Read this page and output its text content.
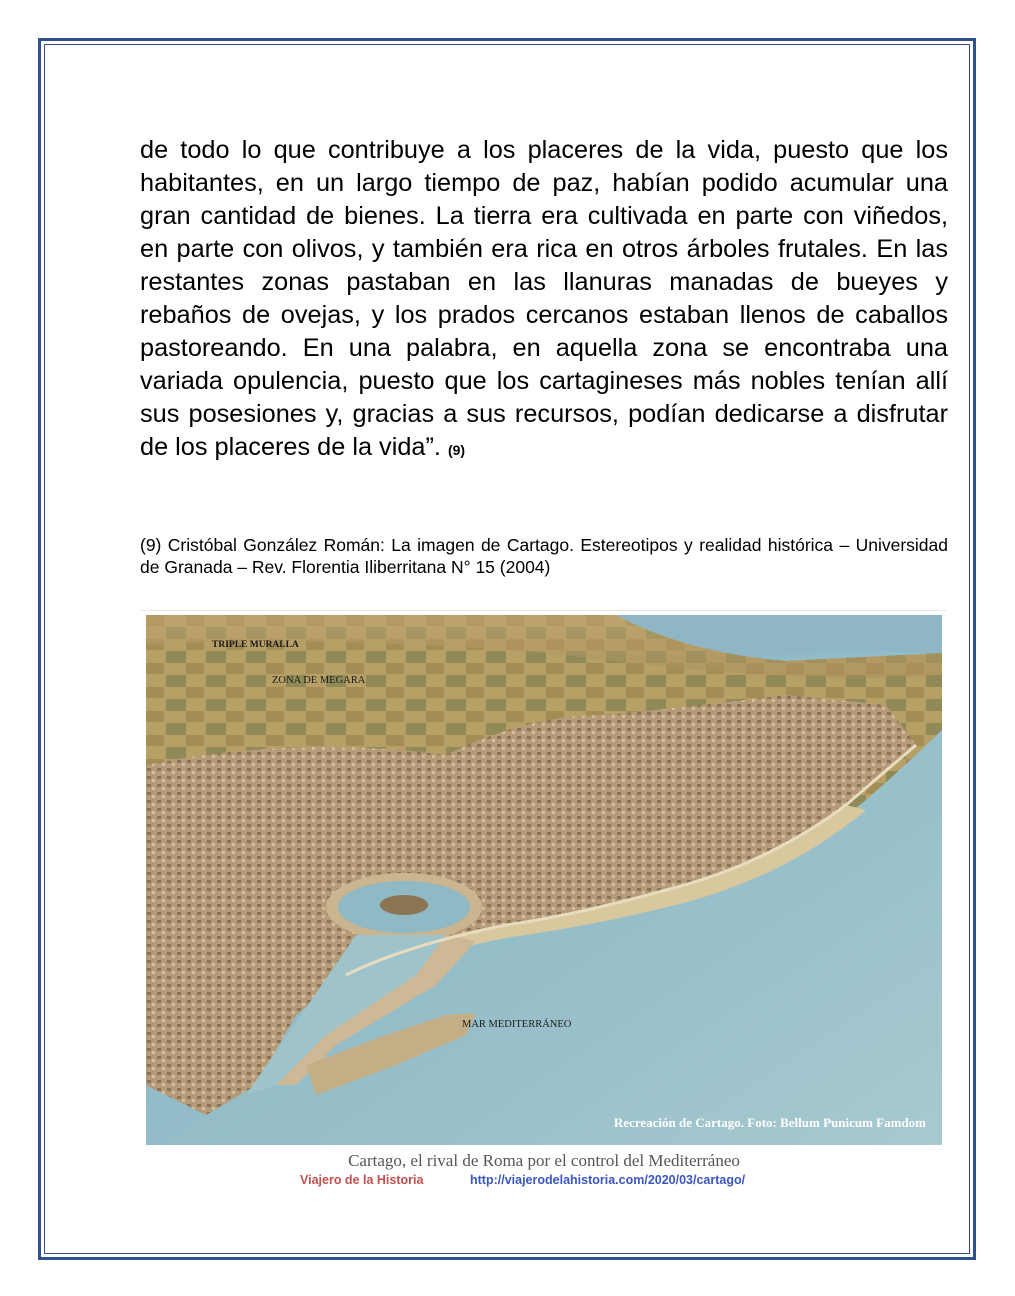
de todo lo que contribuye a los placeres de la vida, puesto que los habitantes, en un largo tiempo de paz, habían podido acumular una gran cantidad de bienes. La tierra era cultivada en parte con viñedos, en parte con olivos, y también era rica en otros árboles frutales. En las restantes zonas pastaban en las llanuras manadas de bueyes y rebaños de ovejas, y los prados cercanos estaban llenos de caballos pastoreando. En una palabra, en aquella zona se encontraba una variada opulencia, puesto que los cartagineses más nobles tenían allí sus posesiones y, gracias a sus recursos, podían dedicarse a disfrutar de los placeres de la vida”. (9)
(9) Cristóbal González Román: La imagen de Cartago. Estereotipos y realidad histórica – Universidad de Granada – Rev. Florentia Iliberritana N° 15 (2004)
TRIPLE MURALLA
ZONA DE MEGARA
MAR MEDITERRÁNEO
Recreación de Cartago. Foto: Bellum Punicum Famdom
Cartago, el rival de Roma por el control del Mediterráneo
Viajero de la Historia	http://viajerodelahistoria.com/2020/03/cartago/
